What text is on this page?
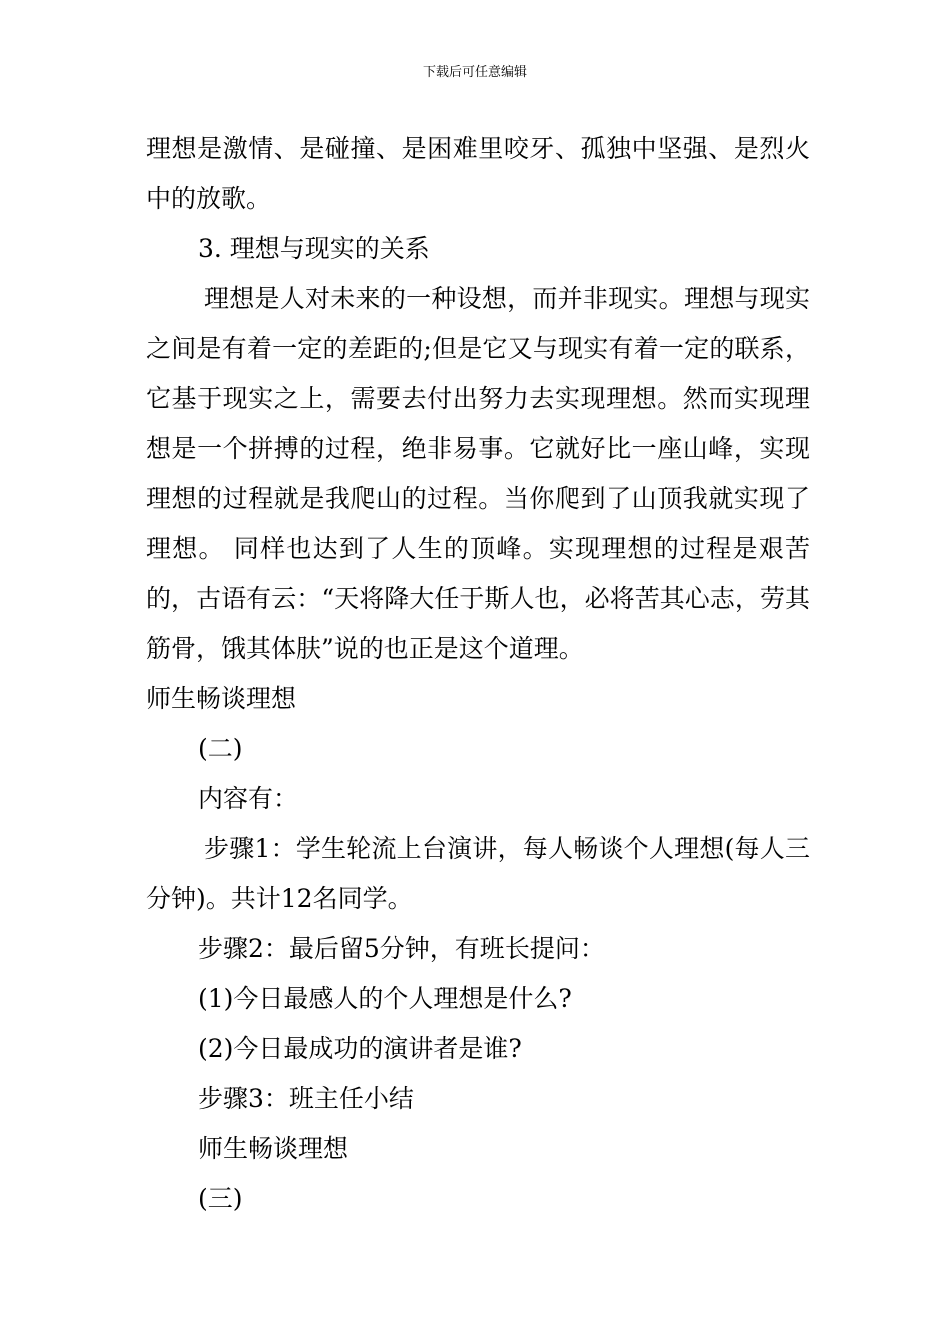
下载后可任意编辑

理想是激情、是碰撞、是困难里咬牙、孤独中坚强、是烈火中的放歌。

3. 理想与现实的关系

理想是人对未来的一种设想，而并非现实。理想与现实之间是有着一定的差距的;但是它又与现实有着一定的联系，它基于现实之上，需要去付出努力去实现理想。然而实现理想是一个拼搏的过程，绝非易事。它就好比一座山峰，实现理想的过程就是我爬山的过程。当你爬到了山顶我就实现了理想。 同样也达到了人生的顶峰。实现理想的过程是艰苦的，古语有云：“天将降大任于斯人也，必将苦其心志，劳其筋骨，饿其体肤”说的也正是这个道理。

师生畅谈理想

(二)

内容有：

步骤1：学生轮流上台演讲，每人畅谈个人理想(每人三分钟)。共计12名同学。

步骤2：最后留5分钟，有班长提问：

(1)今日最感人的个人理想是什么?

(2)今日最成功的演讲者是谁?

步骤3：班主任小结

师生畅谈理想

(三)
